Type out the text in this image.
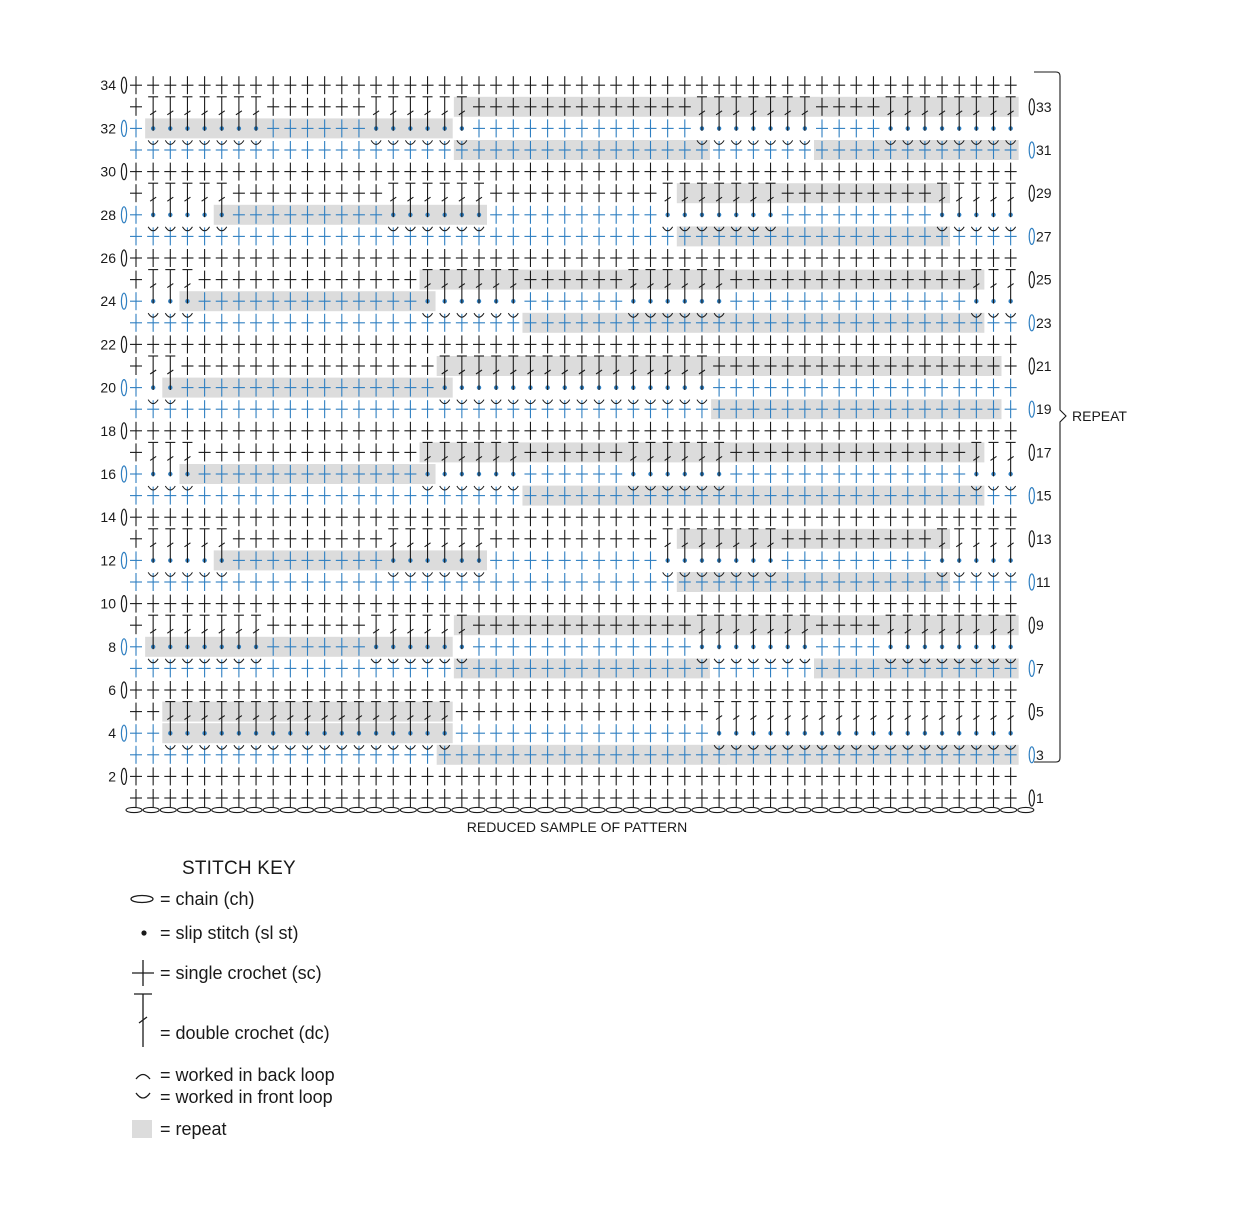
34
32
30
28
26
24
22
20
18
16
14
12
10
8
6
4
2
33
31
29
27
25
23
21
19
17
15
13
11
9
7
5
3
1
REPEAT
REDUCED SAMPLE OF PATTERN
STITCH KEY
= chain (ch)
= slip stitch (sl st)
= single crochet (sc)
= double crochet (dc)
= worked in back loop
= worked in front loop
= repeat
